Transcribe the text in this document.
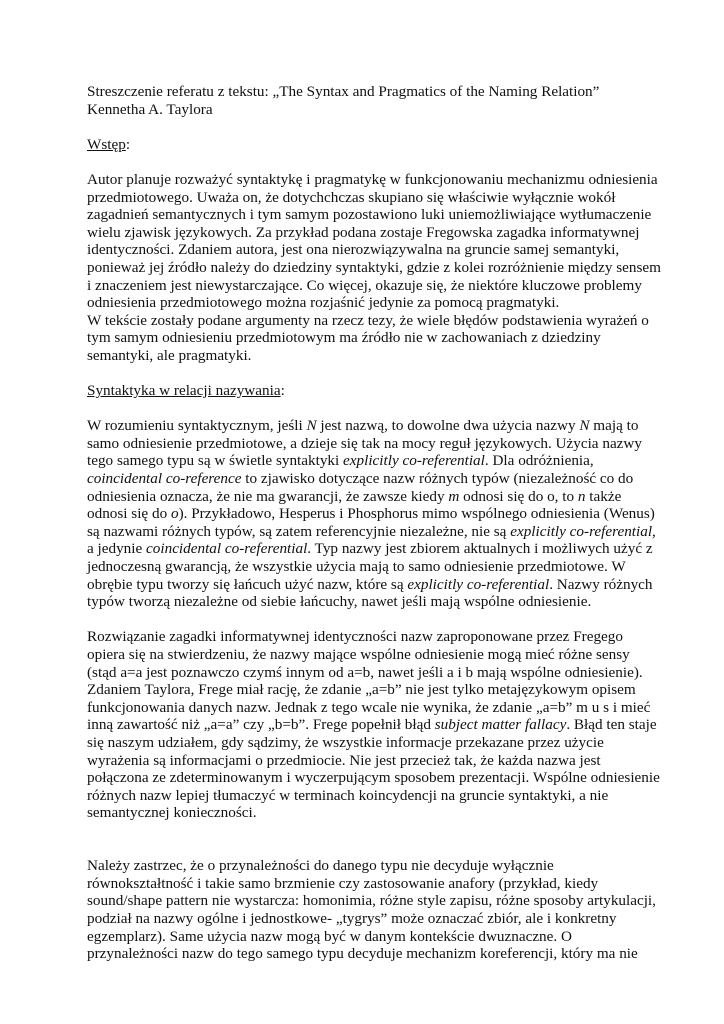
Streszczenie referatu z tekstu: „The Syntax and Pragmatics of the Naming Relation”
Kennetha A. Taylora
Wstęp:
Autor planuje rozważyć syntaktykę i pragmatykę w funkcjonowaniu mechanizmu odniesienia
przedmiotowego. Uważa on, że dotychchczas skupiano się właściwie wyłącznie wokół
zagadnień semantycznych i tym samym pozostawiono luki uniemożliwiające wytłumaczenie
wielu zjawisk językowych. Za przykład podana zostaje Fregowska zagadka informatywnej
identyczności. Zdaniem autora, jest ona nierozwiązywalna na gruncie samej semantyki,
ponieważ jej źródło należy do dziedziny syntaktyki, gdzie z kolei rozróżnienie między sensem
i znaczeniem jest niewystarczające. Co więcej, okazuje się, że niektóre kluczowe problemy
odniesienia przedmiotowego można rozjaśnić jedynie za pomocą pragmatyki.
W tekście zostały podane argumenty na rzecz tezy, że wiele błędów podstawienia wyrażeń o
tym samym odniesieniu przedmiotowym ma źródło nie w zachowaniach z dziedziny
semantyki, ale pragmatyki.
Syntaktyka w relacji nazywania:
W rozumieniu syntaktycznym, jeśli N jest nazwą, to dowolne dwa użycia nazwy N mają to
samo odniesienie przedmiotowe, a dzieje się tak na mocy reguł językowych. Użycia nazwy
tego samego typu są w świetle syntaktyki explicitly co-referential. Dla odróżnienia,
coincidental co-reference to zjawisko dotyczące nazw różnych typów (niezależność co do
odniesienia oznacza, że nie ma gwarancji, że zawsze kiedy m odnosi się do o, to n także
odnosi się do o). Przykładowo, Hesperus i Phosphorus mimo wspólnego odniesienia (Wenus)
są nazwami różnych typów, są zatem referencyjnie niezależne, nie są explicitly co-referential,
a jedynie coincidental co-referential. Typ nazwy jest zbiorem aktualnych i możliwych użyć z
jednoczesną gwarancją, że wszystkie użycia mają to samo odniesienie przedmiotowe. W
obrębie typu tworzy się łańcuch użyć nazw, które są explicitly co-referential. Nazwy różnych
typów tworzą niezależne od siebie łańcuchy, nawet jeśli mają wspólne odniesienie.
Rozwiązanie zagadki informatywnej identyczności nazw zaproponowane przez Fregego
opiera się na stwierdzeniu, że nazwy mające wspólne odniesienie mogą mieć różne sensy
(stąd a=a jest poznawczo czymś innym od a=b, nawet jeśli a i b mają wspólne odniesienie).
Zdaniem Taylora, Frege miał rację, że zdanie „a=b” nie jest tylko metajęzykowym opisem
funkcjonowania danych nazw. Jednak z tego wcale nie wynika, że zdanie „a=b” m u s i mieć
inną zawartość niż „a=a” czy „b=b”. Frege popełnił błąd subject matter fallacy. Błąd ten staje
się naszym udziałem, gdy sądzimy, że wszystkie informacje przekazane przez użycie
wyrażenia są informacjami o przedmiocie. Nie jest przecież tak, że każda nazwa jest
połączona ze zdeterminowanym i wyczerpującym sposobem prezentacji. Wspólne odniesienie
różnych nazw lepiej tłumaczyć w terminach koincydencji na gruncie syntaktyki, a nie
semantycznej konieczności.
Należy zastrzec, że o przynależności do danego typu nie decyduje wyłącznie
równokształtność i takie samo brzmienie czy zastosowanie anafory (przykład, kiedy
sound/shape pattern nie wystarcza: homonimia, różne style zapisu, różne sposoby artykulacji,
podział na nazwy ogólne i jednostkowe- „tygrys” może oznaczać zbiór, ale i konkretny
egzemplarz). Same użycia nazw mogą być w danym kontekście dwuznaczne. O
przynależności nazw do tego samego typu decyduje mechanizm koreferencji, który ma nie
